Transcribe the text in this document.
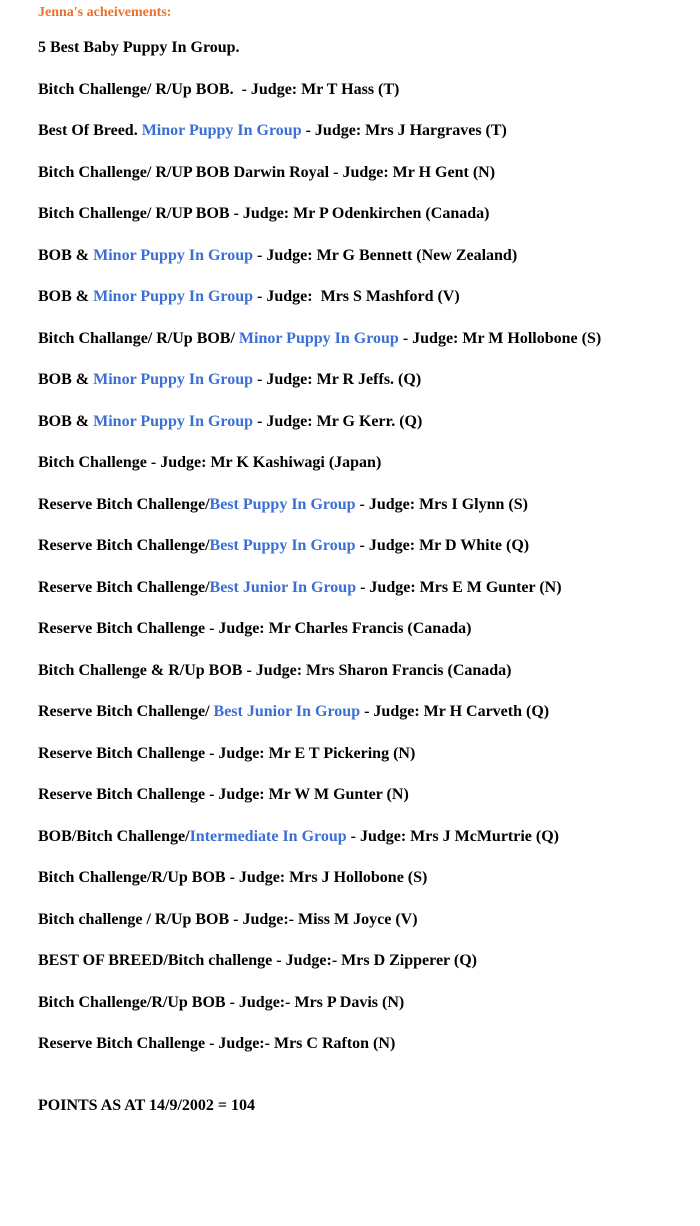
Jenna's acheivements:
5 Best Baby Puppy In Group.
Bitch Challenge/ R/Up BOB.  - Judge: Mr T Hass (T)
Best Of Breed. Minor Puppy In Group - Judge: Mrs J Hargraves (T)
Bitch Challenge/ R/UP BOB Darwin Royal - Judge: Mr H Gent (N)
Bitch Challenge/ R/UP BOB - Judge: Mr P Odenkirchen (Canada)
BOB & Minor Puppy In Group - Judge: Mr G Bennett (New Zealand)
BOB & Minor Puppy In Group - Judge:  Mrs S Mashford (V)
Bitch Challange/ R/Up BOB/ Minor Puppy In Group - Judge: Mr M Hollobone (S)
BOB & Minor Puppy In Group - Judge: Mr R Jeffs. (Q)
BOB & Minor Puppy In Group - Judge: Mr G Kerr. (Q)
Bitch Challenge - Judge: Mr K Kashiwagi (Japan)
Reserve Bitch Challenge/Best Puppy In Group - Judge: Mrs I Glynn (S)
Reserve Bitch Challenge/Best Puppy In Group - Judge: Mr D White (Q)
Reserve Bitch Challenge/Best Junior In Group - Judge: Mrs E M Gunter (N)
Reserve Bitch Challenge - Judge: Mr Charles Francis (Canada)
Bitch Challenge & R/Up BOB - Judge: Mrs Sharon Francis (Canada)
Reserve Bitch Challenge/ Best Junior In Group - Judge: Mr H Carveth (Q)
Reserve Bitch Challenge - Judge: Mr E T Pickering (N)
Reserve Bitch Challenge - Judge: Mr W M Gunter (N)
BOB/Bitch Challenge/Intermediate In Group - Judge: Mrs J McMurtrie (Q)
Bitch Challenge/R/Up BOB - Judge: Mrs J Hollobone (S)
Bitch challenge / R/Up BOB - Judge:- Miss M Joyce (V)
BEST OF BREED/Bitch challenge - Judge:- Mrs D Zipperer (Q)
Bitch Challenge/R/Up BOB - Judge:- Mrs P Davis (N)
Reserve Bitch Challenge - Judge:- Mrs C Rafton (N)
POINTS AS AT 14/9/2002 = 104
